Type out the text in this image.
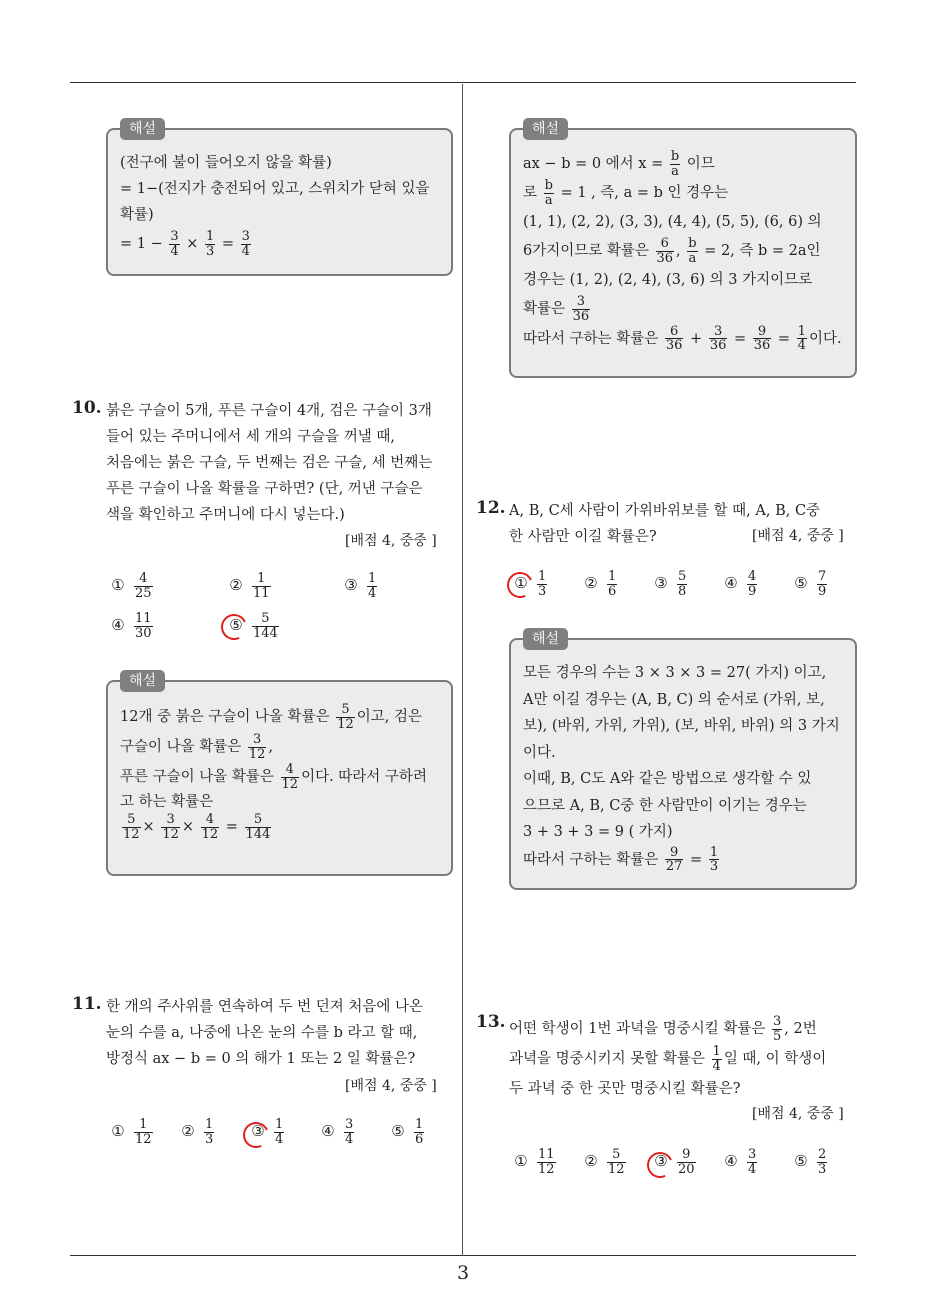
3
해설
(전구에 불이 들어오지 않을 확률)
= 1−(전지가 충전되어 있고, 스위치가 닫혀 있을
확률)
= $1 - \frac{3}{4} \times \frac{1}{3} = \frac{3}{4}$
10. 붉은 구슬이 5개, 푸른 구슬이 4개, 검은 구슬이 3개
들어 있는 주머니에서 세 개의 구슬을 꺼낼 때,
처음에는 붉은 구슬, 두 번째는 검은 구슬, 세 번째는
푸른 구슬이 나올 확률을 구하면? (단, 꺼낸 구슬은
색을 확인하고 주머니에 다시 넣는다.)
[배점 4, 중중 ]
① $\frac{4}{25}$	② $\frac{1}{11}$	③ $\frac{1}{4}$
④ $\frac{11}{30}$	⑤ $\frac{5}{144}$
해설
12개 중 붉은 구슬이 나올 확률은 $\frac{5}{12}$ 이고, 검은
구슬이 나올 확률은 $\frac{3}{12}$ ,
푸른 구슬이 나올 확률은 $\frac{4}{12}$ 이다. 따라서 구하려
고 하는 확률은
$\frac{5}{12} \times \frac{3}{12} \times \frac{4}{12} = \frac{5}{144}$
11. 한 개의 주사위를 연속하여 두 번 던져 처음에 나온
눈의 수를 a, 나중에 나온 눈의 수를 b 라고 할 때,
방정식 ax − b = 0 의 해가 1 또는 2 일 확률은?
[배점 4, 중중 ]
① $\frac{1}{12}$ ② $\frac{1}{3}$ ③ $\frac{1}{4}$ ④ $\frac{3}{4}$ ⑤ $\frac{1}{6}$
해설
ax − b = 0 에서 $x = \frac{b}{a}$ 이므
로 $\frac{b}{a} = 1$ , 즉, a = b 인 경우는
(1, 1), (2, 2), (3, 3), (4, 4), (5, 5), (6, 6) 의
6가지이므로 확률은 $\frac{6}{36}$ , $\frac{b}{a} = 2$, 즉 b = 2a인
경우는 (1, 2), (2, 4), (3, 6) 의 3 가지이므로
확률은 $\frac{3}{36}$
따라서 구하는 확률은 $\frac{6}{36} + \frac{3}{36} = \frac{9}{36} = \frac{1}{4}$ 이다.
12. A, B, C세 사람이 가위바위보를 할 때, A, B, C중
한 사람만 이길 확률은?	[배점 4, 중중 ]
① $\frac{1}{3}$ ② $\frac{1}{6}$ ③ $\frac{5}{8}$ ④ $\frac{4}{9}$ ⑤ $\frac{7}{9}$
해설
모든 경우의 수는 3 × 3 × 3 = 27( 가지) 이고,
A만 이길 경우는 (A, B, C) 의 순서로 (가위, 보,
보), (바위, 가위, 가위), (보, 바위, 바위) 의 3 가지
이다.
이때, B, C도 A와 같은 방법으로 생각할 수 있
으므로 A, B, C중 한 사람만이 이기는 경우는
3 + 3 + 3 = 9 ( 가지)
따라서 구하는 확률은 $\frac{9}{27} = \frac{1}{3}$
13. 어떤 학생이 1번 과녁을 명중시킬 확률은 $\frac{3}{5}$ , 2번
과녁을 명중시키지 못할 확률은 $\frac{1}{4}$ 일 때, 이 학생이
두 과녁 중 한 곳만 명중시킬 확률은?
[배점 4, 중중 ]
① $\frac{11}{12}$ ② $\frac{5}{12}$ ③ $\frac{9}{20}$ ④ $\frac{3}{4}$ ⑤ $\frac{2}{3}$
